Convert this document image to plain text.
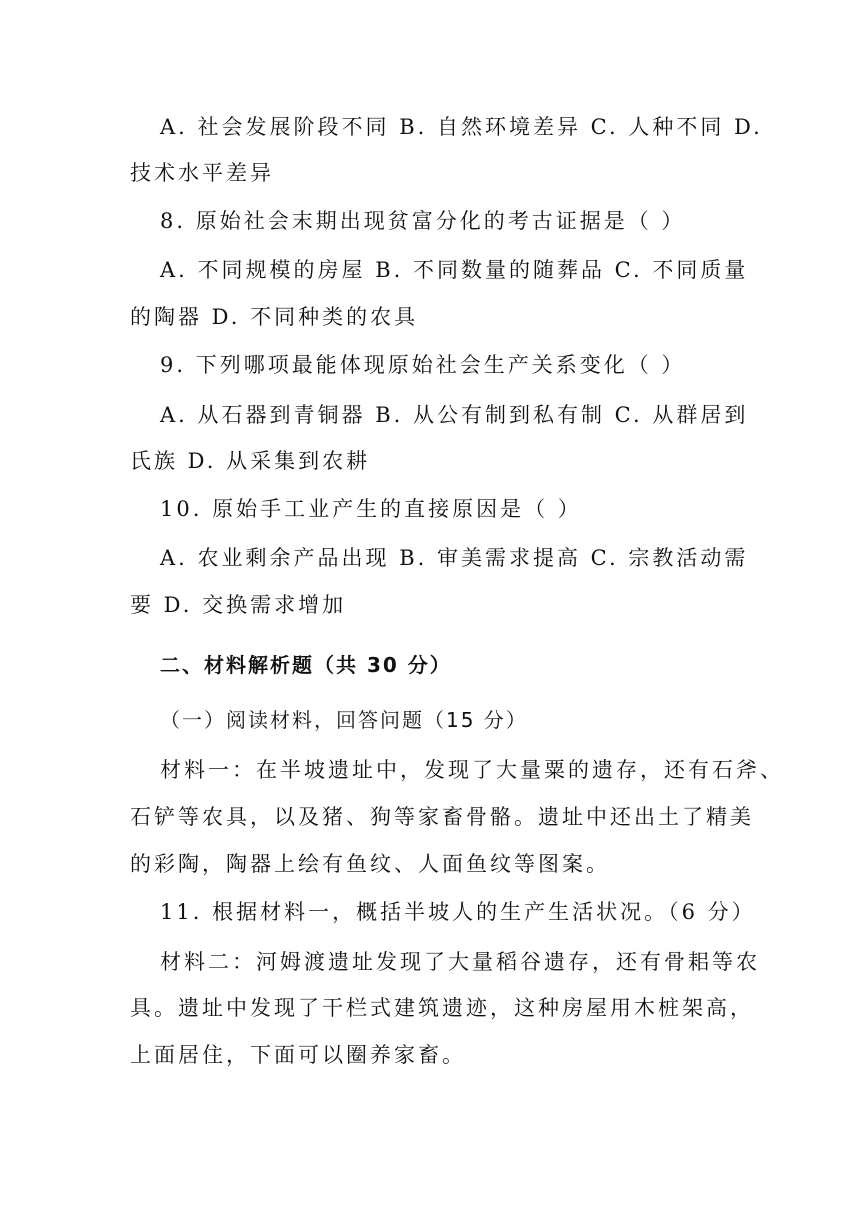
A. 社会发展阶段不同 B. 自然环境差异 C. 人种不同 D.
技术水平差异
8. 原始社会末期出现贫富分化的考古证据是（ ）
A. 不同规模的房屋 B. 不同数量的随葬品 C. 不同质量
的陶器 D. 不同种类的农具
9. 下列哪项最能体现原始社会生产关系变化（ ）
A. 从石器到青铜器 B. 从公有制到私有制 C. 从群居到
氏族 D. 从采集到农耕
10. 原始手工业产生的直接原因是（ ）
A. 农业剩余产品出现 B. 审美需求提高 C. 宗教活动需
要 D. 交换需求增加
二、材料解析题（共 30 分）
（一）阅读材料，回答问题（15 分）
材料一：在半坡遗址中，发现了大量粟的遗存，还有石斧、
石铲等农具，以及猪、狗等家畜骨骼。遗址中还出土了精美
的彩陶，陶器上绘有鱼纹、人面鱼纹等图案。
11. 根据材料一，概括半坡人的生产生活状况。（6 分）
材料二：河姆渡遗址发现了大量稻谷遗存，还有骨耜等农
具。遗址中发现了干栏式建筑遗迹，这种房屋用木桩架高，
上面居住，下面可以圈养家畜。
